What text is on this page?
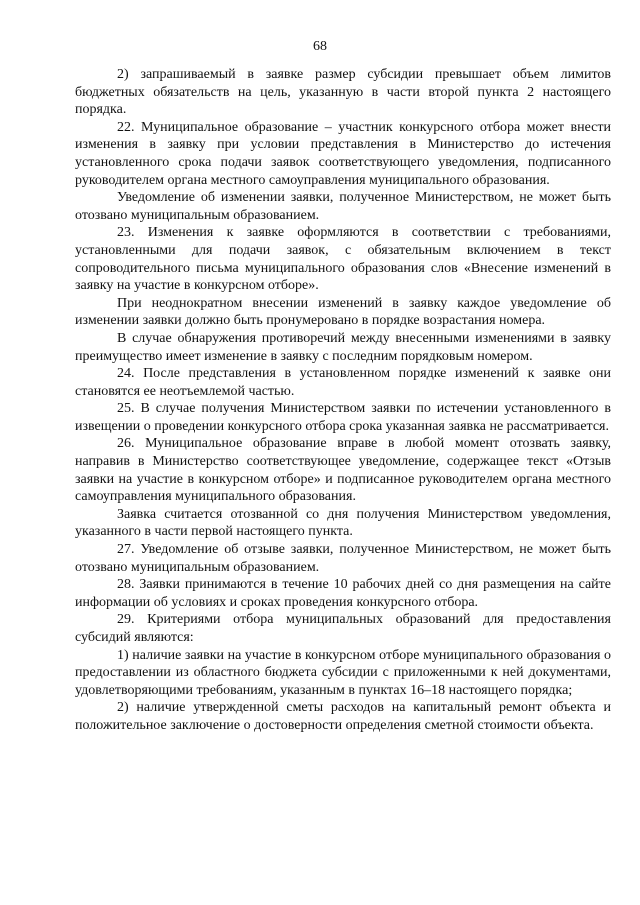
68

2) запрашиваемый в заявке размер субсидии превышает объем лимитов бюджетных обязательств на цель, указанную в части второй пункта 2 настоящего порядка.

22. Муниципальное образование – участник конкурсного отбора может внести изменения в заявку при условии представления в Министерство до истечения установленного срока подачи заявок соответствующего уведомления, подписанного руководителем органа местного самоуправления муниципального образования.

Уведомление об изменении заявки, полученное Министерством, не может быть отозвано муниципальным образованием.

23. Изменения к заявке оформляются в соответствии с требованиями, установленными для подачи заявок, с обязательным включением в текст сопроводительного письма муниципального образования слов «Внесение изменений в заявку на участие в конкурсном отборе».

При неоднократном внесении изменений в заявку каждое уведомление об изменении заявки должно быть пронумеровано в порядке возрастания номера.

В случае обнаружения противоречий между внесенными изменениями в заявку преимущество имеет изменение в заявку с последним порядковым номером.

24. После представления в установленном порядке изменений к заявке они становятся ее неотъемлемой частью.

25. В случае получения Министерством заявки по истечении установленного в извещении о проведении конкурсного отбора срока указанная заявка не рассматривается.

26. Муниципальное образование вправе в любой момент отозвать заявку, направив в Министерство соответствующее уведомление, содержащее текст «Отзыв заявки на участие в конкурсном отборе» и подписанное руководителем органа местного самоуправления муниципального образования.

Заявка считается отозванной со дня получения Министерством уведомления, указанного в части первой настоящего пункта.

27. Уведомление об отзыве заявки, полученное Министерством, не может быть отозвано муниципальным образованием.

28. Заявки принимаются в течение 10 рабочих дней со дня размещения на сайте информации об условиях и сроках проведения конкурсного отбора.

29. Критериями отбора муниципальных образований для предоставления субсидий являются:

1) наличие заявки на участие в конкурсном отборе муниципального образования о предоставлении из областного бюджета субсидии с приложенными к ней документами, удовлетворяющими требованиям, указанным в пунктах 16–18 настоящего порядка;

2) наличие утвержденной сметы расходов на капитальный ремонт объекта и положительное заключение о достоверности определения сметной стоимости объекта.
